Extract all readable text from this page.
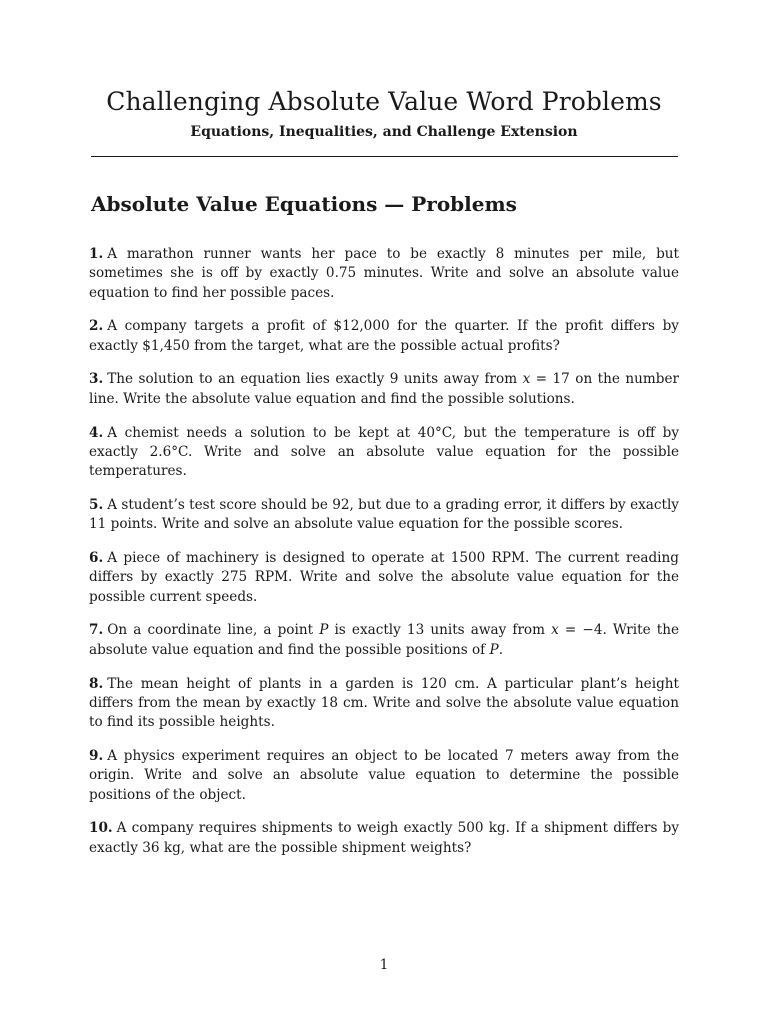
Challenging Absolute Value Word Problems
Equations, Inequalities, and Challenge Extension
Absolute Value Equations — Problems

1. A marathon runner wants her pace to be exactly 8 minutes per mile, but sometimes she is off by exactly 0.75 minutes. Write and solve an absolute value equation to find her possible paces.

2. A company targets a profit of $12,000 for the quarter. If the profit differs by exactly $1,450 from the target, what are the possible actual profits?

3. The solution to an equation lies exactly 9 units away from x = 17 on the number line. Write the absolute value equation and find the possible solutions.

4. A chemist needs a solution to be kept at 40°C, but the temperature is off by exactly 2.6°C. Write and solve an absolute value equation for the possible temperatures.

5. A student’s test score should be 92, but due to a grading error, it differs by exactly 11 points. Write and solve an absolute value equation for the possible scores.

6. A piece of machinery is designed to operate at 1500 RPM. The current reading differs by exactly 275 RPM. Write and solve the absolute value equation for the possible current speeds.

7. On a coordinate line, a point P is exactly 13 units away from x = −4. Write the absolute value equation and find the possible positions of P.

8. The mean height of plants in a garden is 120 cm. A particular plant’s height differs from the mean by exactly 18 cm. Write and solve the absolute value equation to find its possible heights.

9. A physics experiment requires an object to be located 7 meters away from the origin. Write and solve an absolute value equation to determine the possible positions of the object.

10. A company requires shipments to weigh exactly 500 kg. If a shipment differs by exactly 36 kg, what are the possible shipment weights?

1
